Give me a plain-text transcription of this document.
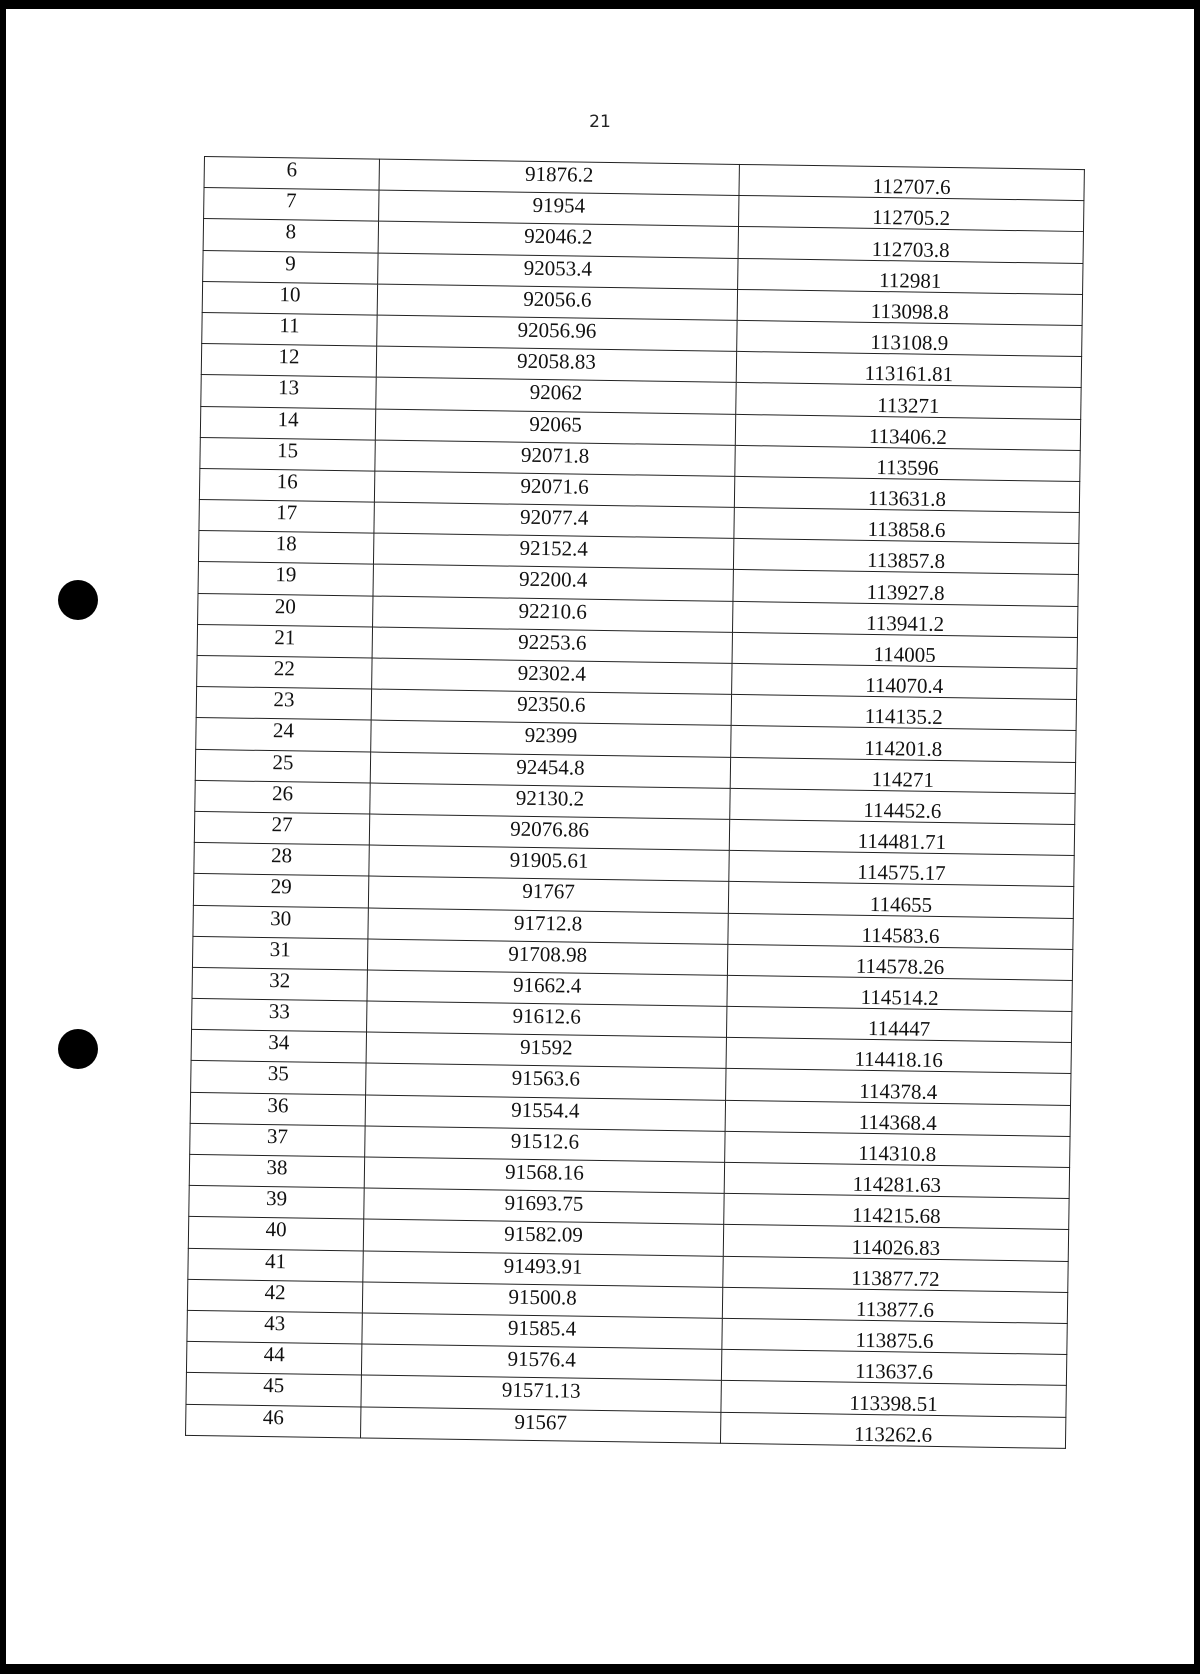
21
6	91876.2	112707.6
7	91954	112705.2
8	92046.2	112703.8
9	92053.4	112981
10	92056.6	113098.8
11	92056.96	113108.9
12	92058.83	113161.81
13	92062	113271
14	92065	113406.2
15	92071.8	113596
16	92071.6	113631.8
17	92077.4	113858.6
18	92152.4	113857.8
19	92200.4	113927.8
20	92210.6	113941.2
21	92253.6	114005
22	92302.4	114070.4
23	92350.6	114135.2
24	92399	114201.8
25	92454.8	114271
26	92130.2	114452.6
27	92076.86	114481.71
28	91905.61	114575.17
29	91767	114655
30	91712.8	114583.6
31	91708.98	114578.26
32	91662.4	114514.2
33	91612.6	114447
34	91592	114418.16
35	91563.6	114378.4
36	91554.4	114368.4
37	91512.6	114310.8
38	91568.16	114281.63
39	91693.75	114215.68
40	91582.09	114026.83
41	91493.91	113877.72
42	91500.8	113877.6
43	91585.4	113875.6
44	91576.4	113637.6
45	91571.13	113398.51
46	91567	113262.6
